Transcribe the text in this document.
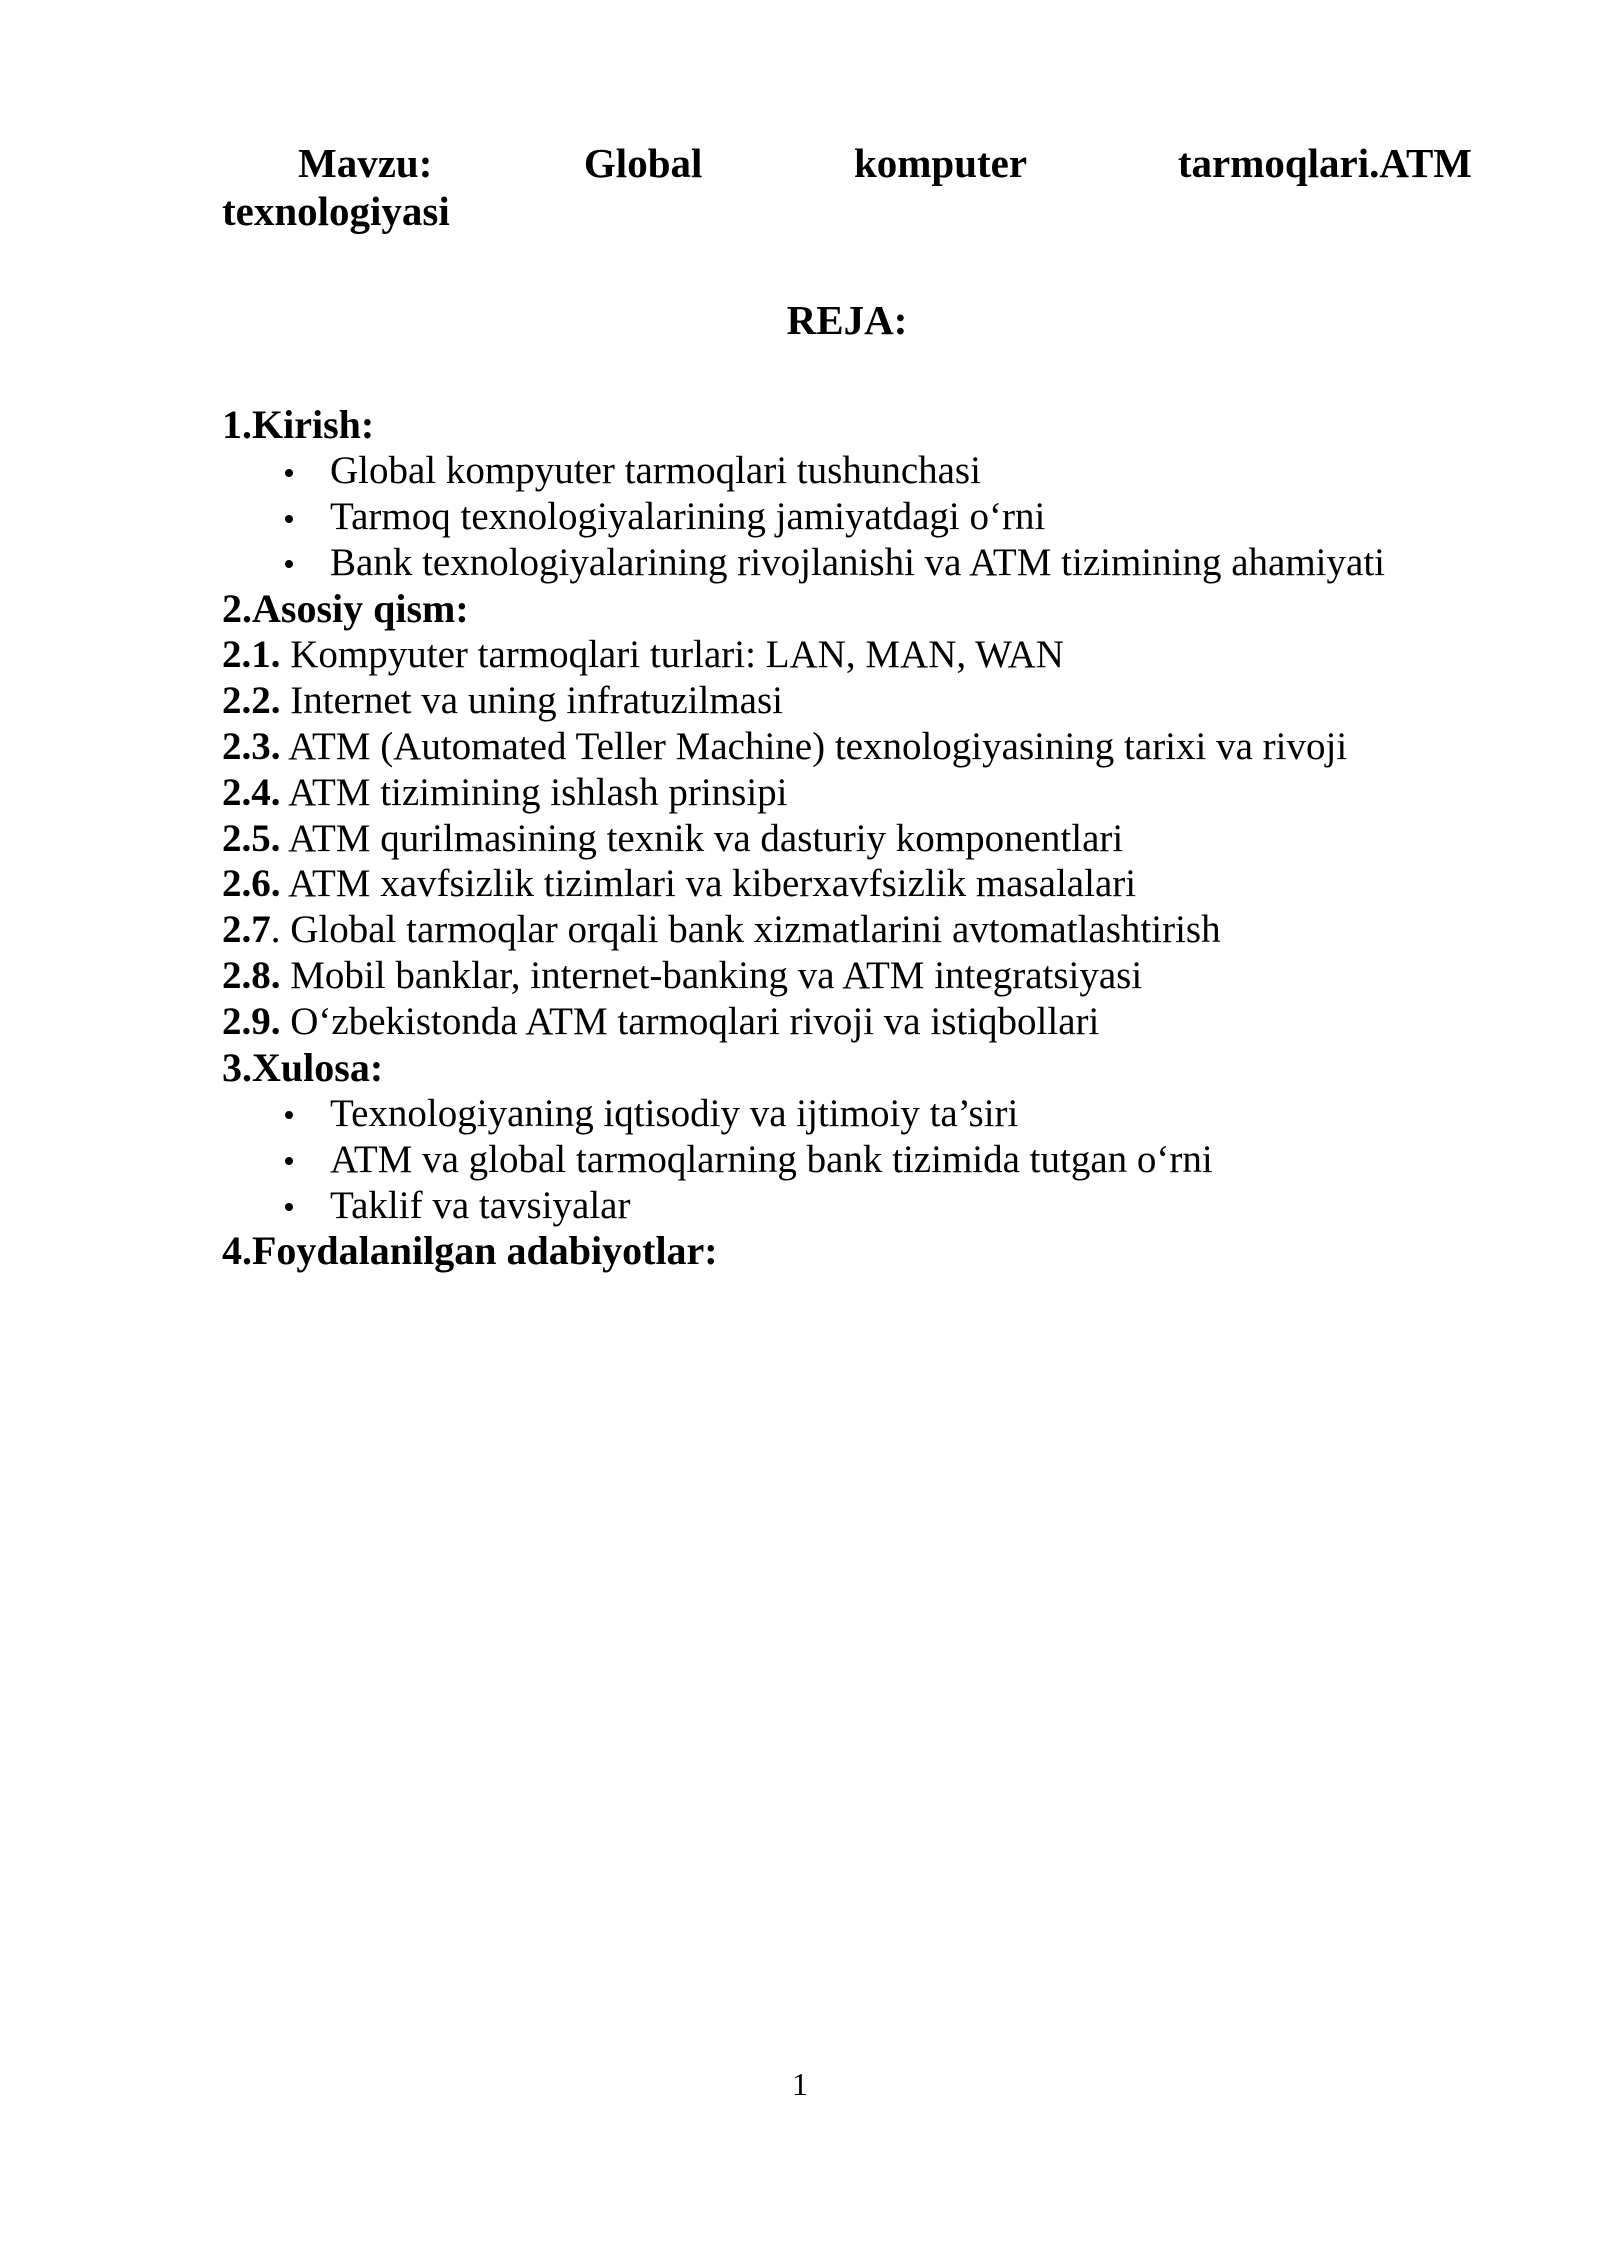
Mavzu:	Global	komputer	tarmoqlari.ATM
texnologiyasi
REJA:
1.Kirish:
Global kompyuter tarmoqlari tushunchasi
Tarmoq texnologiyalarining jamiyatdagi o‘rni
Bank texnologiyalarining rivojlanishi va ATM tizimining ahamiyati
2.Asosiy qism:
2.1. Kompyuter tarmoqlari turlari: LAN, MAN, WAN
2.2. Internet va uning infratuzilmasi
2.3. ATM (Automated Teller Machine) texnologiyasining tarixi va rivoji
2.4. ATM tizimining ishlash prinsipi
2.5. ATM qurilmasining texnik va dasturiy komponentlari
2.6. ATM xavfsizlik tizimlari va kiberxavfsizlik masalalari
2.7. Global tarmoqlar orqali bank xizmatlarini avtomatlashtirish
2.8. Mobil banklar, internet-banking va ATM integratsiyasi
2.9. O‘zbekistonda ATM tarmoqlari rivoji va istiqbollari
3.Xulosa:
Texnologiyaning iqtisodiy va ijtimoiy ta’siri
ATM va global tarmoqlarning bank tizimida tutgan o‘rni
Taklif va tavsiyalar
4.Foydalanilgan adabiyotlar:
1
